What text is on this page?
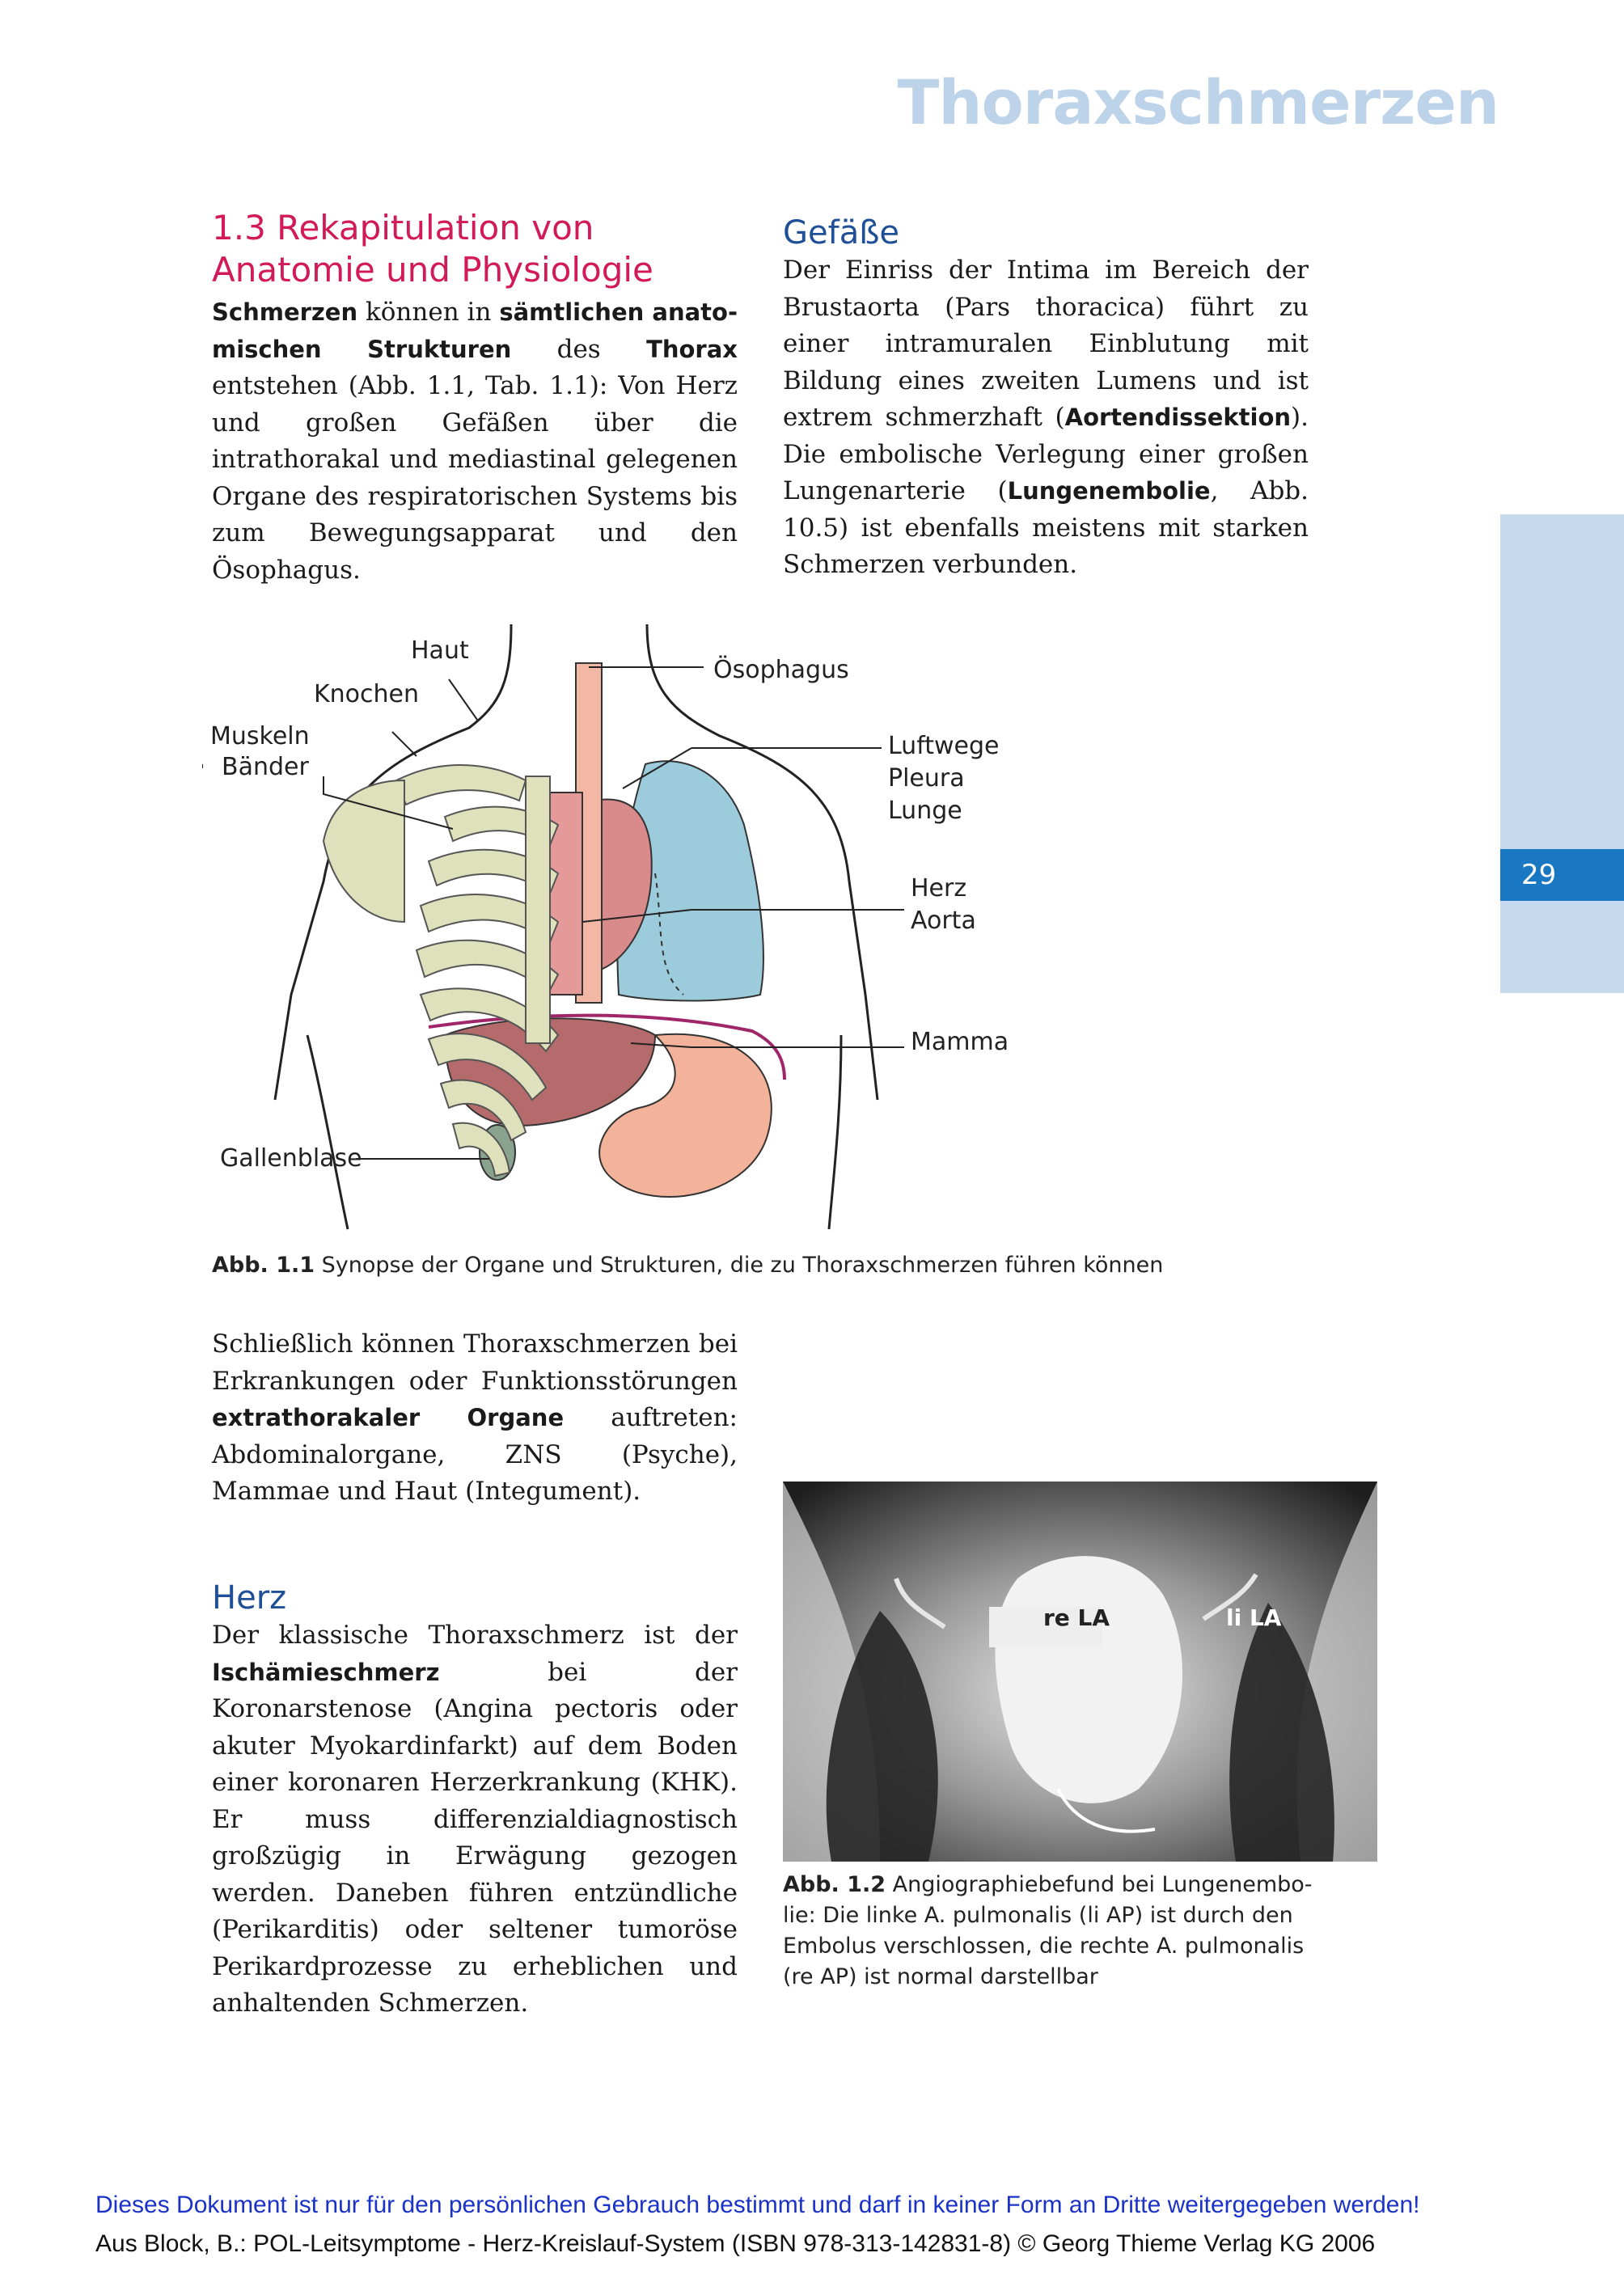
Thoraxschmerzen
29
1.3 Rekapitulation von
Anatomie und Physiologie

Schmerzen können in sämtlichen anatomischen Strukturen des Thorax entstehen (Abb. 1.1, Tab. 1.1): Von Herz und großen Gefäßen über die intrathorakal und mediastinal gelegenen Organe des respiratorischen Systems bis zum Bewegungsapparat und den Ösophagus.

Gefäße

Der Einriss der Intima im Bereich der Brustaorta (Pars thoracica) führt zu einer intramuralen Einblutung mit Bildung eines zweiten Lumens und ist extrem schmerzhaft (Aortendissektion). Die embolische Verlegung einer großen Lungenarterie (Lungenembolie, Abb. 10.5) ist ebenfalls meistens mit starken Schmerzen verbunden.

Haut
Knochen
Muskeln
Bänder
Ösophagus
Luftwege
Pleura
Lunge
Herz
Aorta
Mamma
Gallenblase
Abb. 1.1 Synopse der Organe und Strukturen, die zu Thoraxschmerzen führen können

Schließlich können Thoraxschmerzen bei Erkrankungen oder Funktionsstörungen extrathorakaler Organe auftreten: Abdominalorgane, ZNS (Psyche), Mammae und Haut (Integument).

Herz

Der klassische Thoraxschmerz ist der Ischämieschmerz bei der Koronarstenose (Angina pectoris oder akuter Myokardinfarkt) auf dem Boden einer koronaren Herzerkrankung (KHK). Er muss differenzialdiagnostisch großzügig in Erwägung gezogen werden. Daneben führen entzündliche (Perikarditis) oder seltener tumoröse Perikardprozesse zu erheblichen und anhaltenden Schmerzen.

re LA	li LA
Abb. 1.2 Angiographiebefund bei Lungenembolie: Die linke A. pulmonalis (li AP) ist durch den Embolus verschlossen, die rechte A. pulmonalis (re AP) ist normal darstellbar
Dieses Dokument ist nur für den persönlichen Gebrauch bestimmt und darf in keiner Form an Dritte weitergegeben werden!
Aus Block, B.: POL-Leitsymptome - Herz-Kreislauf-System (ISBN 978-313-142831-8) © Georg Thieme Verlag KG 2006
